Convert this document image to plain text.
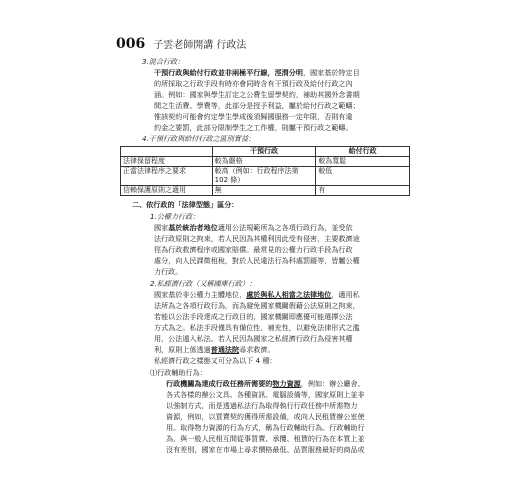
006 子雲老師開講 行政法
3.混合行政：
干預行政與給付行政並非兩極平行線，涇渭分明，國家基於特定目
的所採取之行政手段有時亦會同時含有干預行政及給付行政之內
涵。例如：國家與學生訂定之公費生留學契約，補助其國外念書期
間之生活費、學費等，此部分是授予利益，屬於給付行政之範疇；
惟該契約可能會約定學生學成後須歸國服務一定年限，否則有違
約金之要罰，此部分限制學生之工作權，則屬干預行政之範疇。
4.干預行政與給付行政之區別實益：
	干預行政	給付行政
法律保留程度	較為嚴格	較為寬鬆
正當法律程序之要求	較高（例如：行政程序法第 102 條）	較低
信賴保護原則之適用	無	有
二、依行政的「法律型態」區分：
1.公權力行政：
國家基於統治者地位適用公法規範所為之各項行政行為，並受依
法行政原則之拘束，若人民因為其權利因此受有侵害，主要救濟途
徑為行政救濟程序或國家賠償。最常見的公權力行政手段為行政
處分，向人民課徵租稅，對於人民違法行為科處罰鍰等，皆屬公權
力行政。
2.私經濟行政（又稱國庫行政）：
國家基於非公權力主體地位，處於與私人相當之法律地位，適用私
法所為之各項行政行為，而為避免國家機關假藉公法原則之拘束，
若能以公法手段達成之行政目的，國家機關即應優可能選擇公法
方式為之。私法手段僅具有備位性、補充性，以避免法律形式之濫
用，公法遁入私法。若人民因為國家之私經濟行政行為侵害其權
利，原則上係透過普通法院尋求救濟。
私經濟行政之樣態又可分為以下 4 種：
⑴行政輔助行為：
行政機關為達成行政任務所需要的物力資源，例如：辦公廳舍、
各式各樣的辦公文具、各種資訊、電腦設備等，國家原則上並非
以強制方式，而是透過私法行為取得執行行政任務中所需物力
資源，例如，以買賣契約獲得所需設備，或向人民租賃辦公室使
用。取得物力資源的行為方式，稱為行政輔助行為。行政輔助行
為，與一般人民相互間從事買賣、承攬、租賃的行為在本質上並
沒有差別，國家在市場上尋求價格最低、品質服務最好的商品或
